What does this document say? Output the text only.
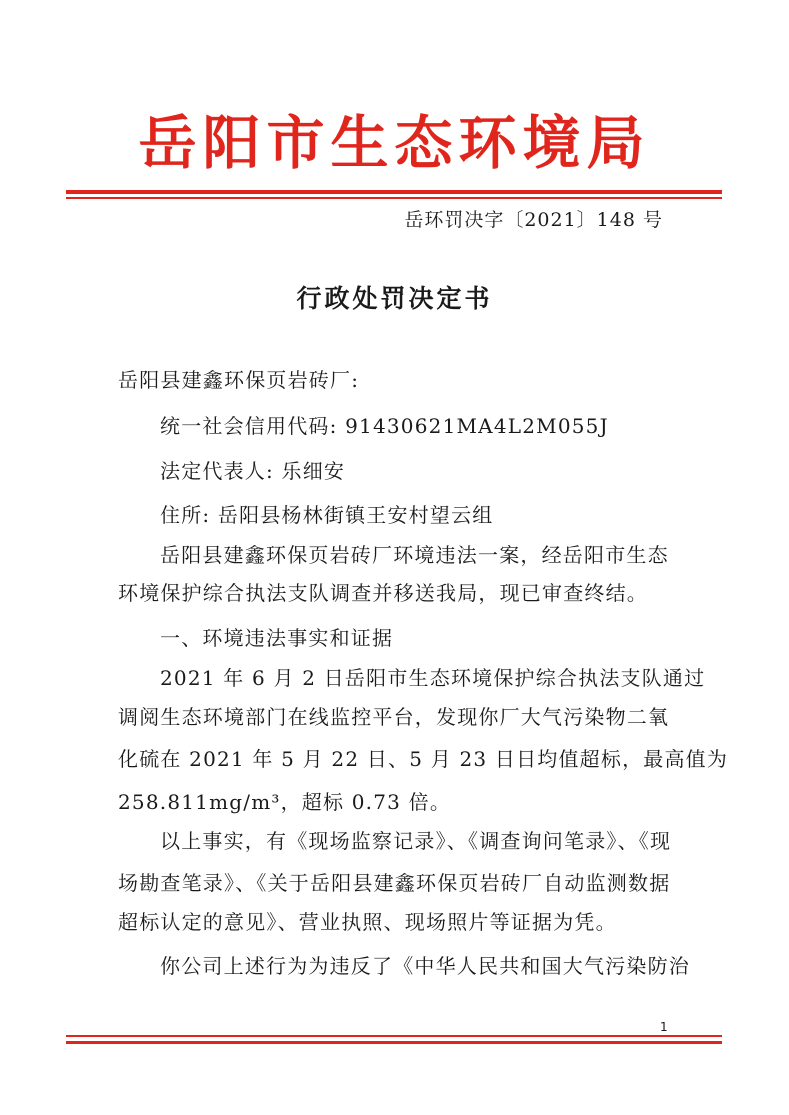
岳阳市生态环境局
岳环罚决字〔2021〕148 号
行政处罚决定书
岳阳县建鑫环保页岩砖厂:
统一社会信用代码: 91430621MA4L2M055J
法定代表人: 乐细安
住所: 岳阳县杨林街镇王安村望云组
岳阳县建鑫环保页岩砖厂环境违法一案，经岳阳市生态
环境保护综合执法支队调查并移送我局，现已审查终结。
一、环境违法事实和证据
2021 年 6 月 2 日岳阳市生态环境保护综合执法支队通过
调阅生态环境部门在线监控平台，发现你厂大气污染物二氧
化硫在 2021 年 5 月 22 日、5 月 23 日日均值超标，最高值为
258.811mg/m³，超标 0.73 倍。
以上事实，有《现场监察记录》、《调查询问笔录》、《现
场勘查笔录》、《关于岳阳县建鑫环保页岩砖厂自动监测数据
超标认定的意见》、营业执照、现场照片等证据为凭。
你公司上述行为为违反了《中华人民共和国大气污染防治
1
